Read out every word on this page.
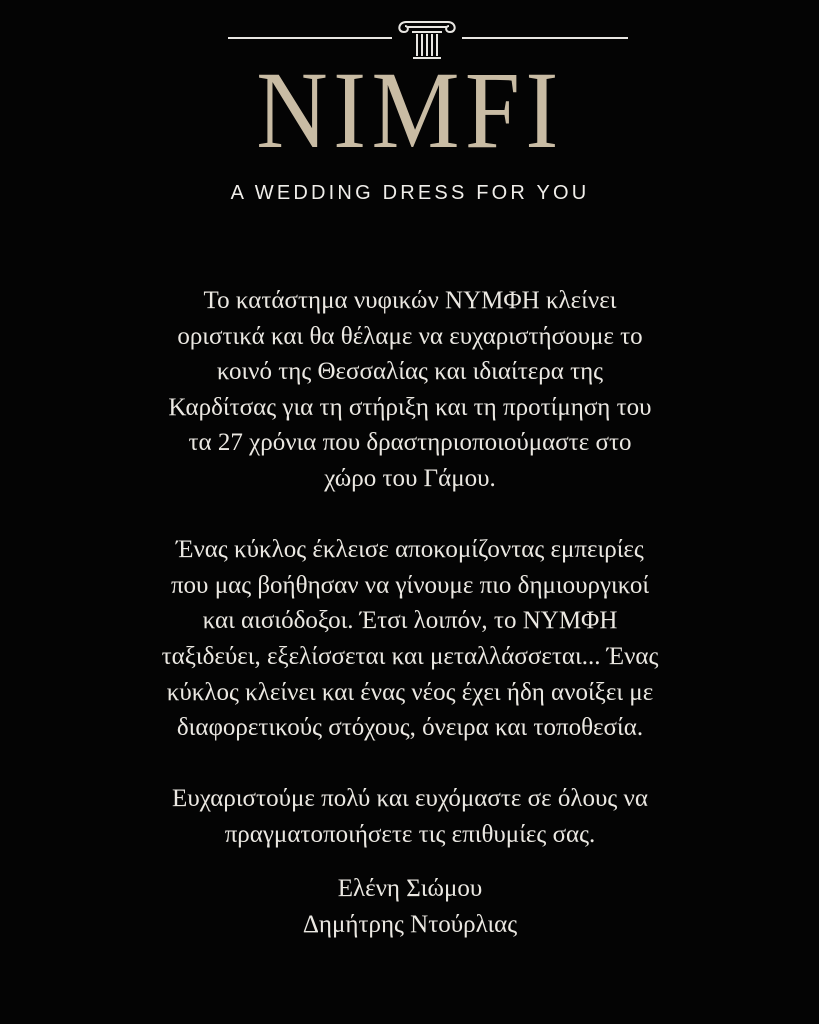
NIMFI
A WEDDING DRESS FOR YOU

Το κατάστημα νυφικών ΝΥΜΦΗ κλείνει
οριστικά και θα θέλαμε να ευχαριστήσουμε το
κοινό της Θεσσαλίας και ιδιαίτερα της
Καρδίτσας για τη στήριξη και τη προτίμηση του
τα 27 χρόνια που δραστηριοποιούμαστε στο
χώρο του Γάμου.

Ένας κύκλος έκλεισε αποκομίζοντας εμπειρίες
που μας βοήθησαν να γίνουμε πιο δημιουργικοί
και αισιόδοξοι. Έτσι λοιπόν, το ΝΥΜΦΗ
ταξιδεύει, εξελίσσεται και μεταλλάσσεται... Ένας
κύκλος κλείνει και ένας νέος έχει ήδη ανοίξει με
διαφορετικούς στόχους, όνειρα και τοποθεσία.

Ευχαριστούμε πολύ και ευχόμαστε σε όλους να
πραγματοποιήσετε τις επιθυμίες σας.

Ελένη Σιώμου
Δημήτρης Ντούρλιας
